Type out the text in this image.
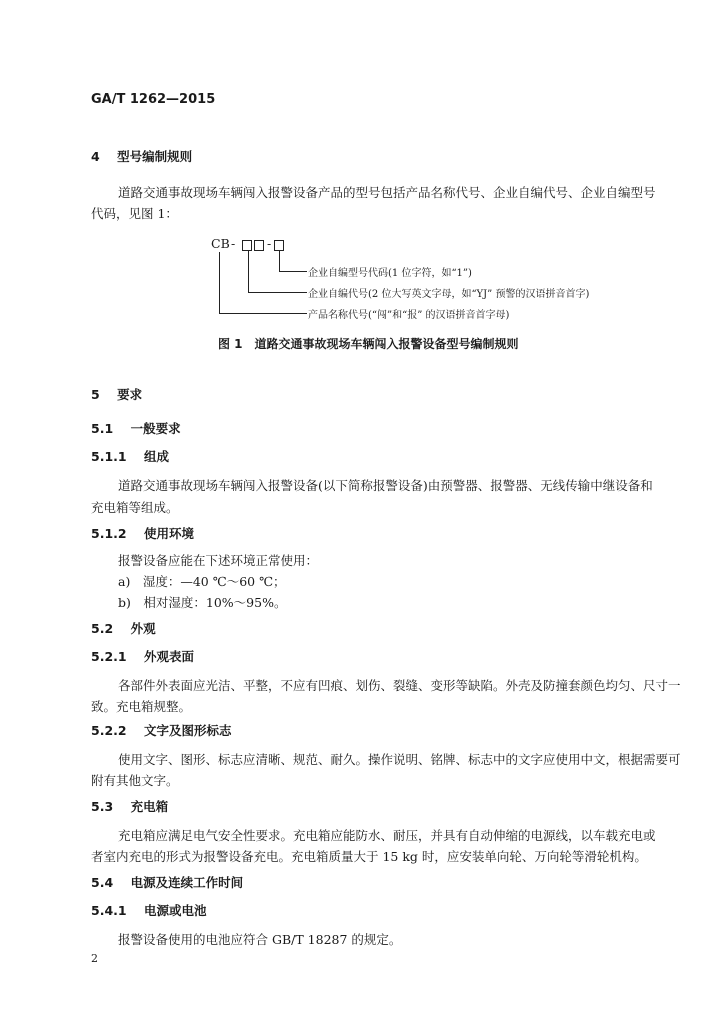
GA/T 1262—2015
4 型号编制规则
道路交通事故现场车辆闯入报警设备产品的型号包括产品名称代号、企业自编代号、企业自编型号
代码，见图 1：
CB -	-
企业自编型号代码(1 位字符，如“1”)
企业自编代号(2 位大写英文字母，如“YJ” 预警的汉语拼音首字)
产品名称代号(“闯”和“报” 的汉语拼音首字母)
图 1　道路交通事故现场车辆闯入报警设备型号编制规则
5 要求
5.1 一般要求
5.1.1 组成
道路交通事故现场车辆闯入报警设备(以下简称报警设备)由预警器、报警器、无线传输中继设备和
充电箱等组成。
5.1.2 使用环境
报警设备应能在下述环境正常使用：
a)　湿度：—40 ℃～60 ℃；
b)　相对湿度：10%～95%。
5.2 外观
5.2.1 外观表面
各部件外表面应光洁、平整，不应有凹痕、划伤、裂缝、变形等缺陷。外壳及防撞套颜色均匀、尺寸一
致。充电箱规整。
5.2.2 文字及图形标志
使用文字、图形、标志应清晰、规范、耐久。操作说明、铭牌、标志中的文字应使用中文，根据需要可
附有其他文字。
5.3 充电箱
充电箱应满足电气安全性要求。充电箱应能防水、耐压，并具有自动伸缩的电源线，以车载充电或
者室内充电的形式为报警设备充电。充电箱质量大于 15 kg 时，应安装单向轮、万向轮等滑轮机构。
5.4 电源及连续工作时间
5.4.1 电源或电池
报警设备使用的电池应符合 GB/T 18287 的规定。
2
